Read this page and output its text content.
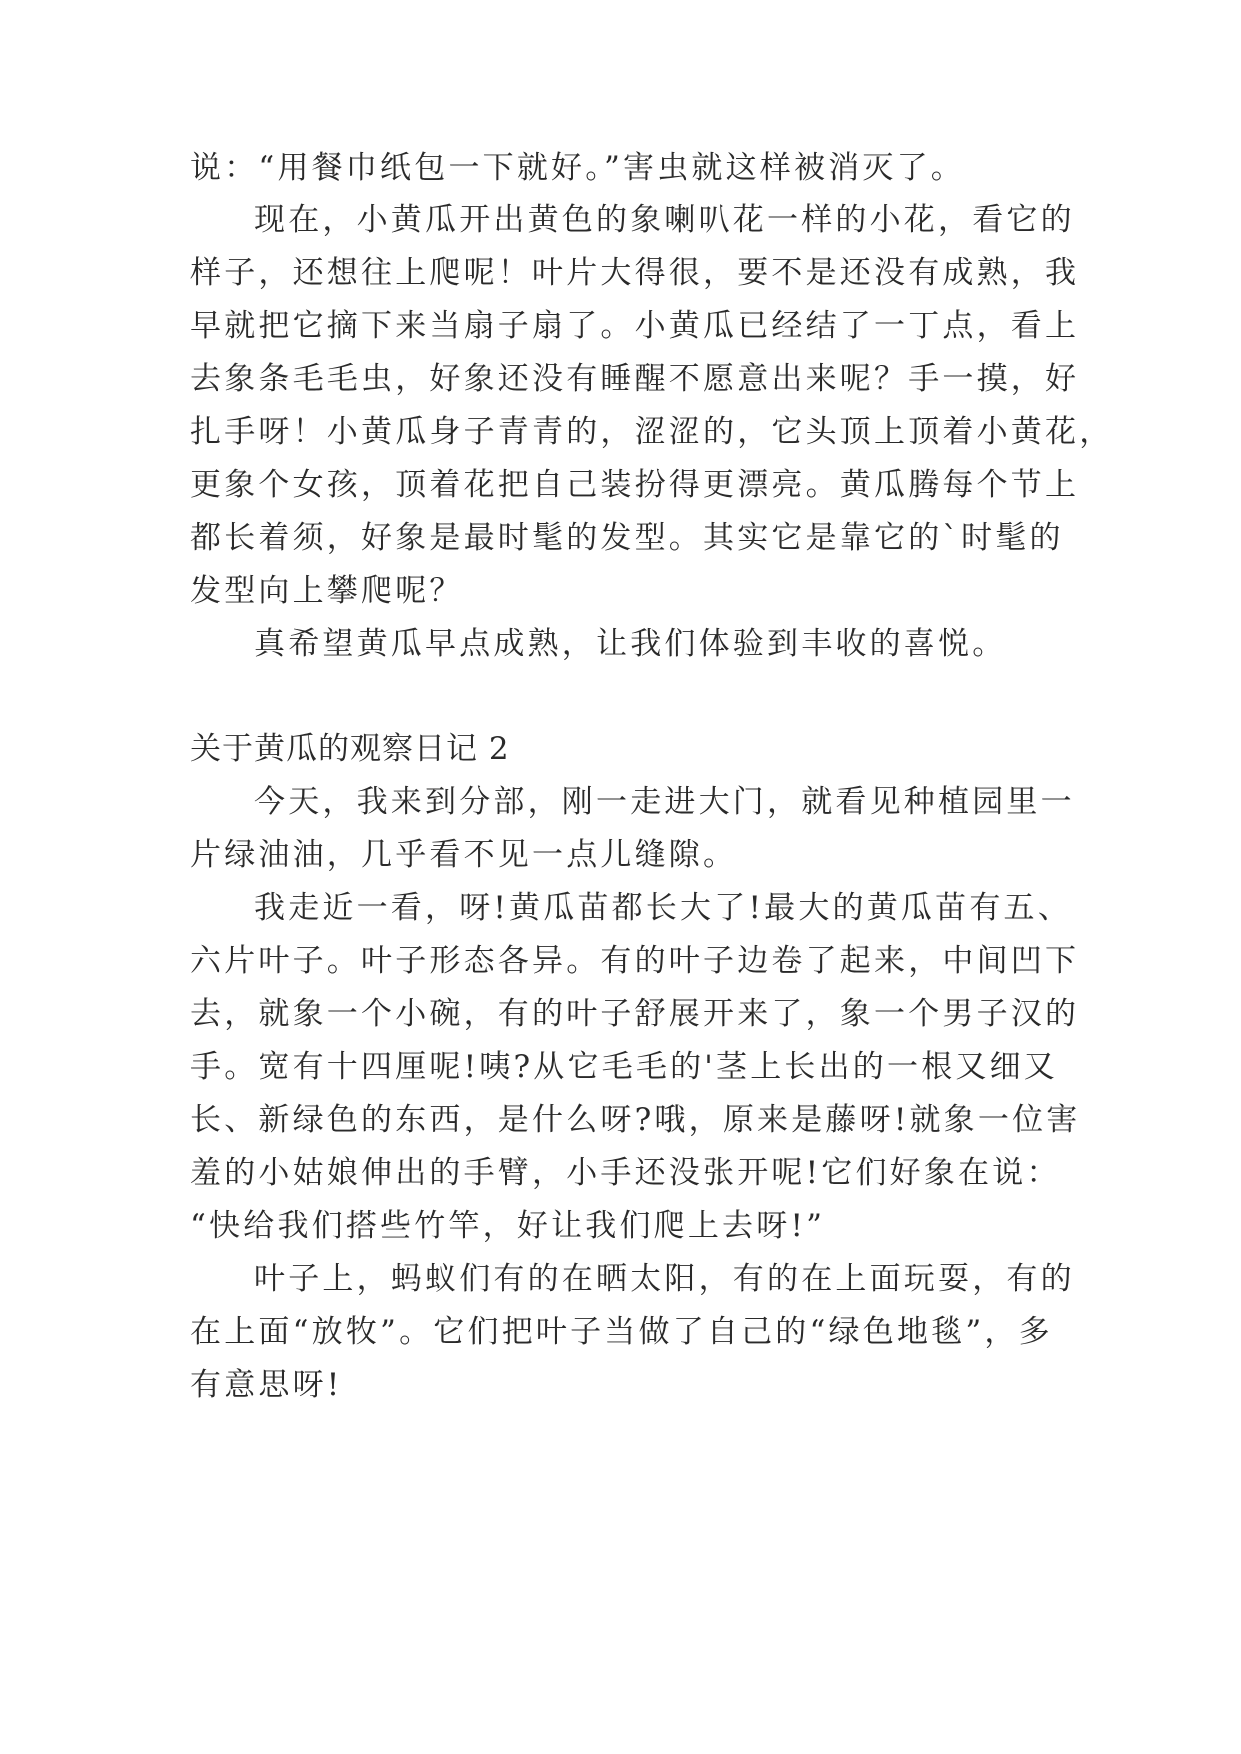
说：“用餐巾纸包一下就好。”害虫就这样被消灭了。
现在，小黄瓜开出黄色的象喇叭花一样的小花，看它的
样子，还想往上爬呢！叶片大得很，要不是还没有成熟，我
早就把它摘下来当扇子扇了。小黄瓜已经结了一丁点，看上
去象条毛毛虫，好象还没有睡醒不愿意出来呢？手一摸，好
扎手呀！小黄瓜身子青青的，涩涩的，它头顶上顶着小黄花，
更象个女孩，顶着花把自己装扮得更漂亮。黄瓜腾每个节上
都长着须，好象是最时髦的发型。其实它是靠它的`时髦的
发型向上攀爬呢？
真希望黄瓜早点成熟，让我们体验到丰收的喜悦。
关于黄瓜的观察日记 2
今天，我来到分部，刚一走进大门，就看见种植园里一
片绿油油，几乎看不见一点儿缝隙。
我走近一看，呀!黄瓜苗都长大了!最大的黄瓜苗有五、
六片叶子。叶子形态各异。有的叶子边卷了起来，中间凹下
去，就象一个小碗，有的叶子舒展开来了，象一个男子汉的
手。宽有十四厘呢!咦?从它毛毛的'茎上长出的一根又细又
长、新绿色的东西，是什么呀?哦，原来是藤呀!就象一位害
羞的小姑娘伸出的手臂，小手还没张开呢!它们好象在说：
“快给我们搭些竹竿，好让我们爬上去呀!”
叶子上，蚂蚁们有的在晒太阳，有的在上面玩耍，有的
在上面“放牧”。它们把叶子当做了自己的“绿色地毯”，多
有意思呀!
